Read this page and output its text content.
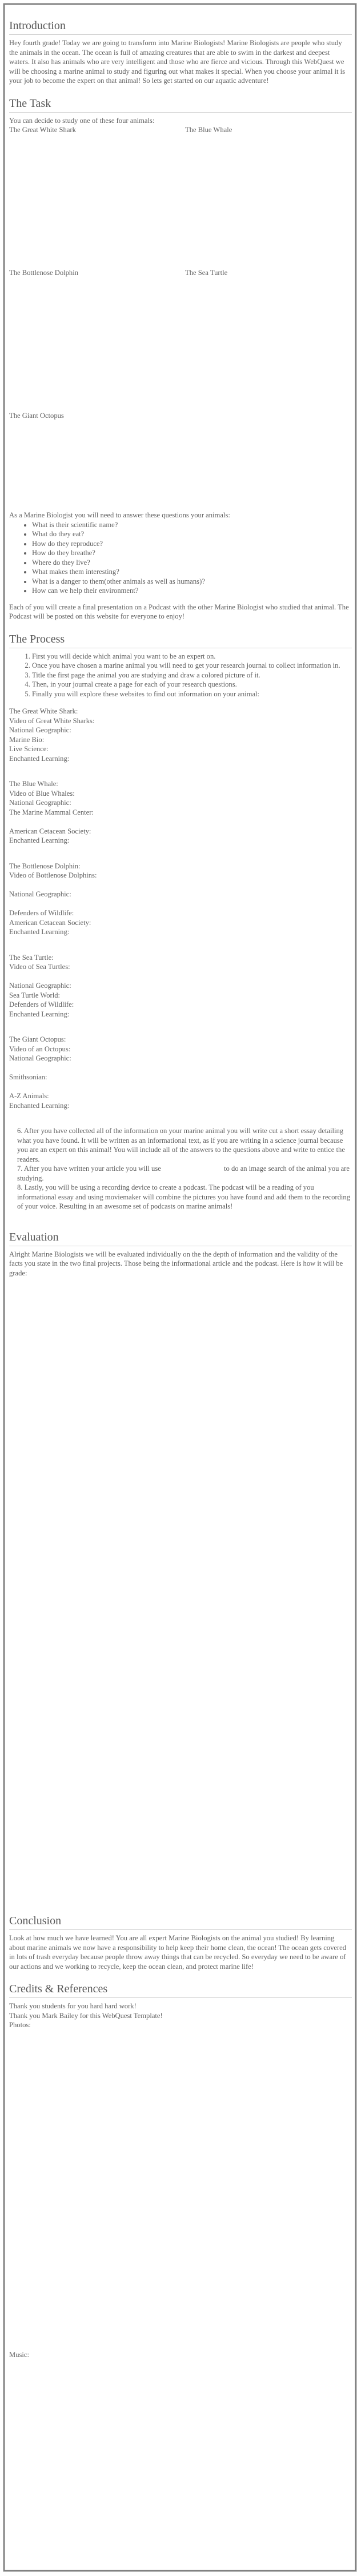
Introduction

Hey fourth grade! Today we are going to transform into Marine Biologists! Marine Biologists are people who study the animals in the ocean. The ocean is full of amazing creatures that are able to swim in the darkest and deepest waters. It also has animals who are very intelligent and those who are fierce and vicious. Through this WebQuest we will be choosing a marine animal to study and figuring out what makes it special. When you choose your animal it is your job to become the expert on that animal! So lets get started on our aquatic adventure!

The Task

You can decide to study one of these four animals:

The Great White Shark	The Blue Whale
The Bottlenose Dolphin	The Sea Turtle
The Giant Octopus
As a Marine Biologist you will need to answer these questions your animals:
• What is their scientific name?
• What do they eat?
• How do they reproduce?
• How do they breathe?
• Where do they live?
• What makes them interesting?
• What is a danger to them(other animals as well as humans)?
• How can we help their environment?

Each of you will create a final presentation on a Podcast with the other Marine Biologist who studied that animal. The Podcast will be posted on this website for everyone to enjoy!

The Process
1. First you will decide which animal you want to be an expert on.
2. Once you have chosen a marine animal you will need to get your research journal to collect information in.
3. Title the first page the animal you are studying and draw a colored picture of it.
4. Then, in your journal create a page for each of your research questions.
5. Finally you will explore these websites to find out information on your animal:
The Great White Shark:
Video of Great White Sharks:
National Geographic:
Marine Bio:
Live Science:
Enchanted Learning:
The Blue Whale:
Video of Blue Whales:
National Geographic:
The Marine Mammal Center:

American Cetacean Society:
Enchanted Learning:
The Bottlenose Dolphin:
Video of Bottlenose Dolphins:

National Geographic:

Defenders of Wildlife:
American Cetacean Society:
Enchanted Learning:
The Sea Turtle:
Video of Sea Turtles:

National Geographic:
Sea Turtle World:
Defenders of Wildlife:
Enchanted Learning:
The Giant Octopus:
Video of an Octopus:
National Geographic:

Smithsonian:

A-Z Animals:
Enchanted Learning:

6. After you have collected all of the information on your marine animal you will write cut a short essay detailing what you have found. It will be written as an informational text, as if you are writing in a science journal because you are an expert on this animal! You will include all of the answers to the questions above and write to entice the readers.

7. After you have written your article you will use                                   to do an image search of the animal you are studying.

8. Lastly, you will be using a recording device to create a podcast. The podcast will be a reading of you informational essay and using moviemaker will combine the pictures you have found and add them to the recording of your voice. Resulting in an awesome set of podcasts on marine animals!

Evaluation

Alright Marine Biologists we will be evaluated individually on the the depth of information and the validity of the facts you state in the two final projects. Those being the informational article and the podcast. Here is how it will be grade:

Conclusion

Look at how much we have learned! You are all expert Marine Biologists on the animal you studied! By learning about marine animals we now have a responsibility to help keep their home clean, the ocean! The ocean gets covered in lots of trash everyday because people throw away things that can be recycled. So everyday we need to be aware of our actions and we working to recycle, keep the ocean clean, and protect marine life!

Credits & References
Thank you students for you hard hard work!
Thank you Mark Bailey for this WebQuest Template!
Photos:
Music:
